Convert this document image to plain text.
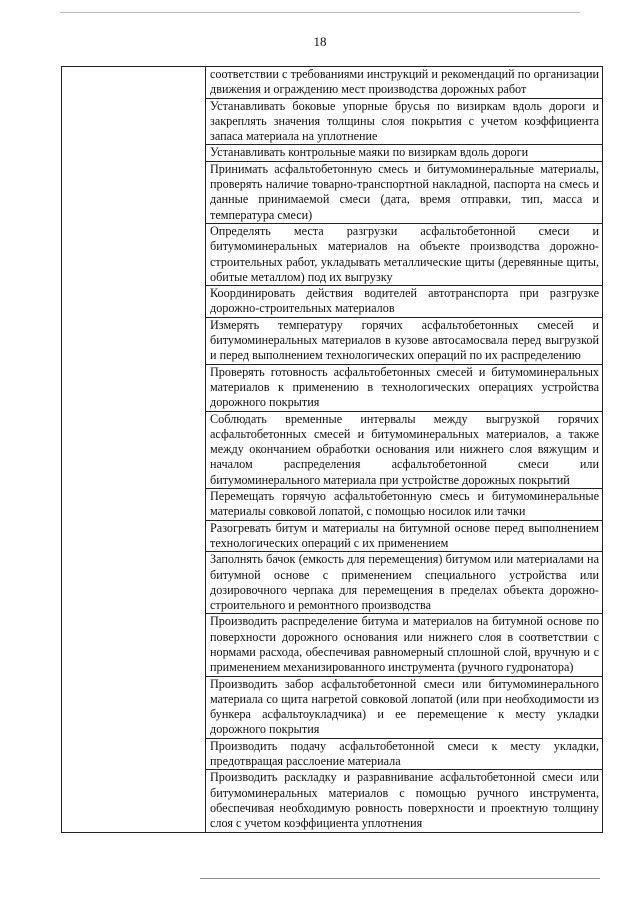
18
	соответствии с требованиями инструкций и рекомендаций по организации движения и ограждению мест производства дорожных работ
Устанавливать боковые упорные брусья по визиркам вдоль дороги и закреплять значения толщины слоя покрытия с учетом коэффициента запаса материала на уплотнение
Устанавливать контрольные маяки по визиркам вдоль дороги
Принимать асфальтобетонную смесь и битумоминеральные материалы, проверять наличие товарно-транспортной накладной, паспорта на смесь и данные принимаемой смеси (дата, время отправки, тип, масса и температура смеси)
Определять места разгрузки асфальтобетонной смеси и битумоминеральных материалов на объекте производства дорожно-строительных работ, укладывать металлические щиты (деревянные щиты, обитые металлом) под их выгрузку
Координировать действия водителей автотранспорта при разгрузке дорожно-строительных материалов
Измерять температуру горячих асфальтобетонных смесей и битумоминеральных материалов в кузове автосамосвала перед выгрузкой и перед выполнением технологических операций по их распределению
Проверять готовность асфальтобетонных смесей и битумоминеральных материалов к применению в технологических операциях устройства дорожного покрытия
Соблюдать временные интервалы между выгрузкой горячих асфальтобетонных смесей и битумоминеральных материалов, а также между окончанием обработки основания или нижнего слоя вяжущим и началом распределения асфальтобетонной смеси или битумоминерального материала при устройстве дорожных покрытий
Перемещать горячую асфальтобетонную смесь и битумоминеральные материалы совковой лопатой, с помощью носилок или тачки
Разогревать битум и материалы на битумной основе перед выполнением технологических операций с их применением
Заполнять бачок (емкость для перемещения) битумом или материалами на битумной основе с применением специального устройства или дозировочного черпака для перемещения в пределах объекта дорожно-строительного и ремонтного производства
Производить распределение битума и материалов на битумной основе по поверхности дорожного основания или нижнего слоя в соответствии с нормами расхода, обеспечивая равномерный сплошной слой, вручную и с применением механизированного инструмента (ручного гудронатора)
Производить забор асфальтобетонной смеси или битумоминерального материала со щита нагретой совковой лопатой (или при необходимости из бункера асфальтоукладчика) и ее перемещение к месту укладки дорожного покрытия
Производить подачу асфальтобетонной смеси к месту укладки, предотвращая расслоение материала
Производить раскладку и разравнивание асфальтобетонной смеси или битумоминеральных материалов с помощью ручного инструмента, обеспечивая необходимую ровность поверхности и проектную толщину слоя с учетом коэффициента уплотнения
